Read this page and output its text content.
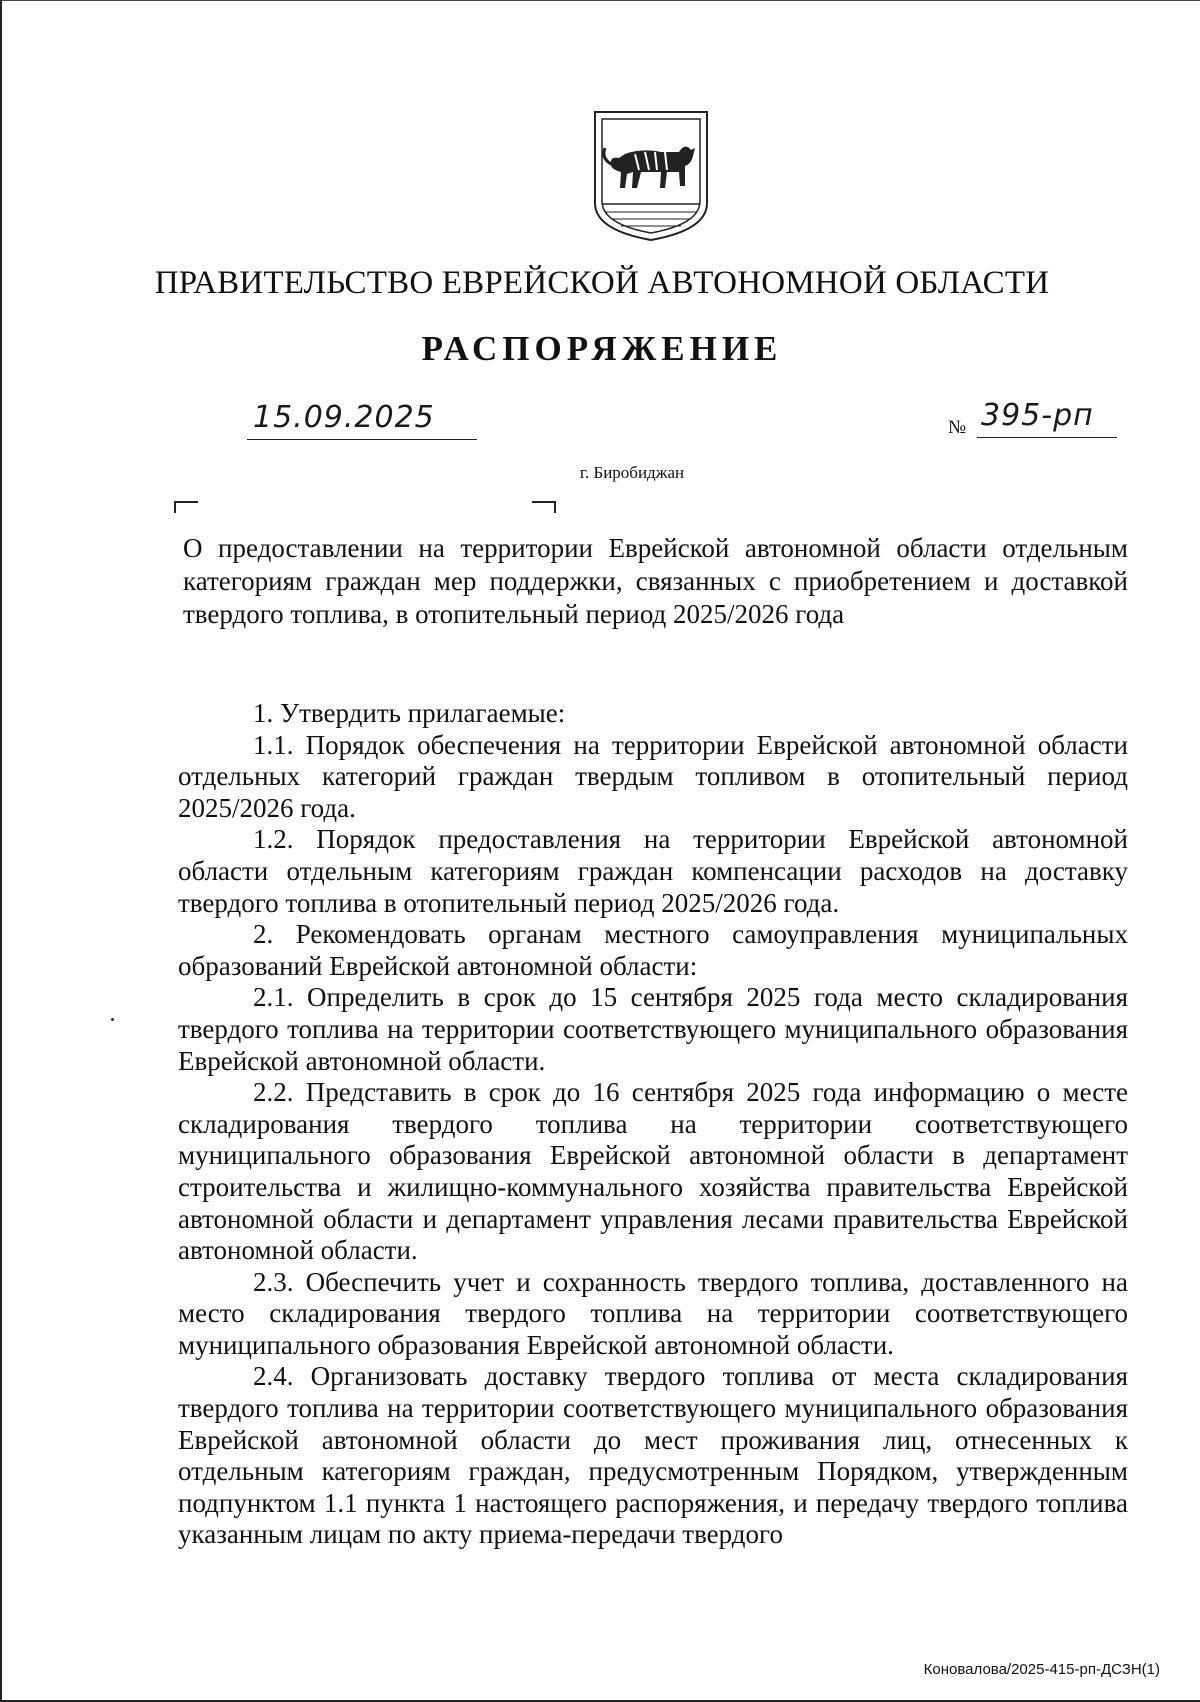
ПРАВИТЕЛЬСТВО ЕВРЕЙСКОЙ АВТОНОМНОЙ ОБЛАСТИ
РАСПОРЯЖЕНИЕ
15.09.2025	№ 395-рп
г. Биробиджан
О предоставлении на территории Еврейской автономной области отдельным категориям граждан мер поддержки, связанных с приобретением и доставкой твердого топлива, в отопительный период 2025/2026 года

1. Утвердить прилагаемые:

1.1. Порядок обеспечения на территории Еврейской автономной области отдельных категорий граждан твердым топливом в отопительный период 2025/2026 года.

1.2. Порядок предоставления на территории Еврейской автономной области отдельным категориям граждан компенсации расходов на доставку твердого топлива в отопительный период 2025/2026 года.

2. Рекомендовать органам местного самоуправления муниципальных образований Еврейской автономной области:

2.1. Определить в срок до 15 сентября 2025 года место складирования твердого топлива на территории соответствующего муниципального образования Еврейской автономной области.

2.2. Представить в срок до 16 сентября 2025 года информацию о месте складирования твердого топлива на территории соответствующего муниципального образования Еврейской автономной области в департамент строительства и жилищно-коммунального хозяйства правительства Еврейской автономной области и департамент управления лесами правительства Еврейской автономной области.

2.3. Обеспечить учет и сохранность твердого топлива, доставленного на место складирования твердого топлива на территории соответствующего муниципального образования Еврейской автономной области.

2.4. Организовать доставку твердого топлива от места складирования твердого топлива на территории соответствующего муниципального образования Еврейской автономной области до мест проживания лиц, отнесенных к отдельным категориям граждан, предусмотренным Порядком, утвержденным подпунктом 1.1 пункта 1 настоящего распоряжения, и передачу твердого топлива указанным лицам по акту приема-передачи твердого

Коновалова/2025-415-рп-ДСЗН(1)
